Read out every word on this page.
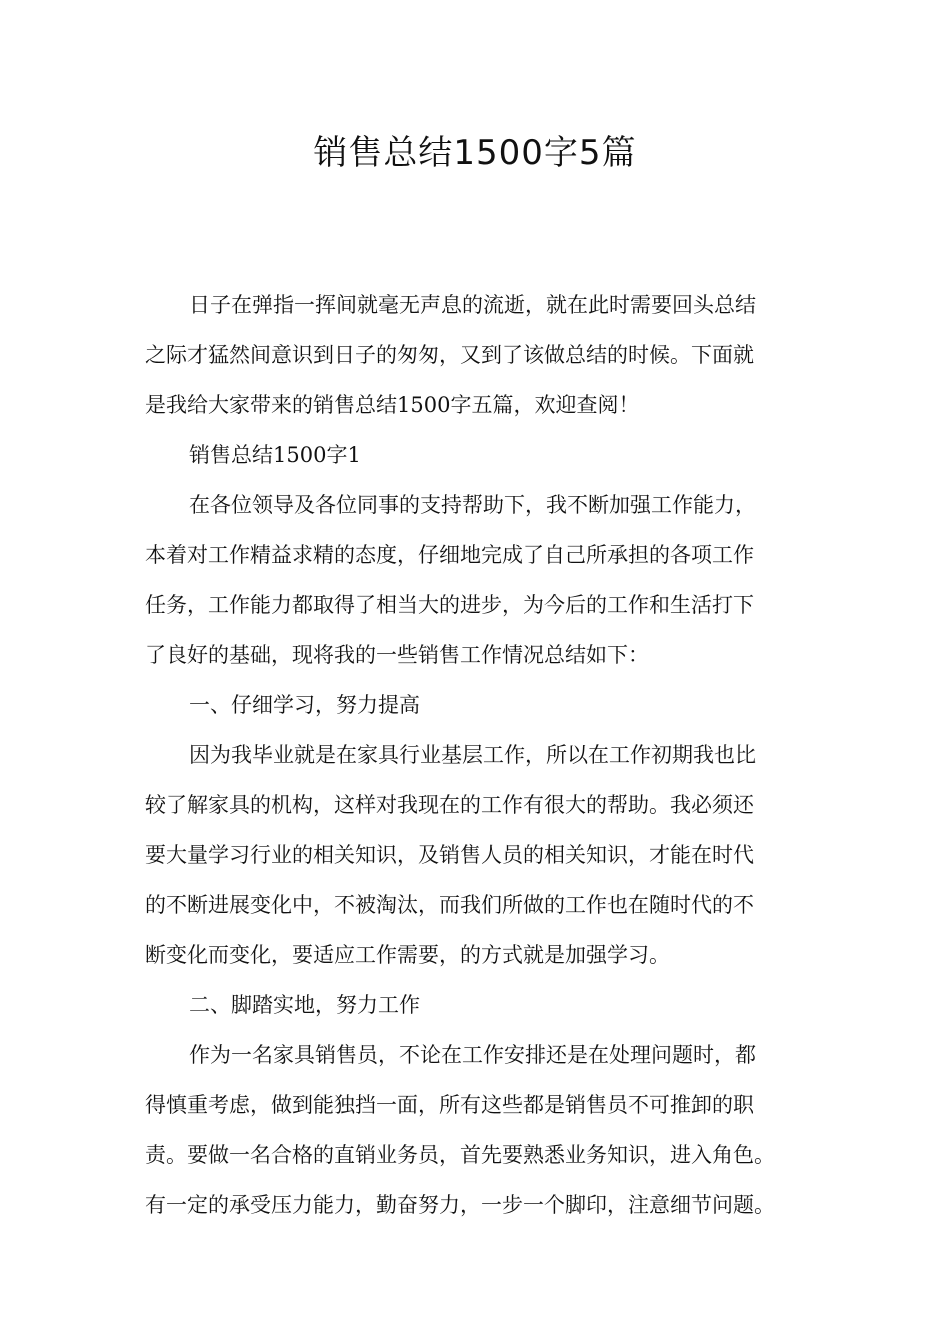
销售总结1500字5篇
日子在弹指一挥间就毫无声息的流逝，就在此时需要回头总结
之际才猛然间意识到日子的匆匆，又到了该做总结的时候。下面就
是我给大家带来的销售总结1500字五篇，欢迎查阅！
销售总结1500字1
在各位领导及各位同事的支持帮助下，我不断加强工作能力，
本着对工作精益求精的态度，仔细地完成了自己所承担的各项工作
任务，工作能力都取得了相当大的进步，为今后的工作和生活打下
了良好的基础，现将我的一些销售工作情况总结如下：
一、仔细学习，努力提高
因为我毕业就是在家具行业基层工作，所以在工作初期我也比
较了解家具的机构，这样对我现在的工作有很大的帮助。我必须还
要大量学习行业的相关知识，及销售人员的相关知识，才能在时代
的不断进展变化中，不被淘汰，而我们所做的工作也在随时代的不
断变化而变化，要适应工作需要，的方式就是加强学习。
二、脚踏实地，努力工作
作为一名家具销售员，不论在工作安排还是在处理问题时，都
得慎重考虑，做到能独挡一面，所有这些都是销售员不可推卸的职
责。要做一名合格的直销业务员，首先要熟悉业务知识，进入角色。
有一定的承受压力能力，勤奋努力，一步一个脚印，注意细节问题。
